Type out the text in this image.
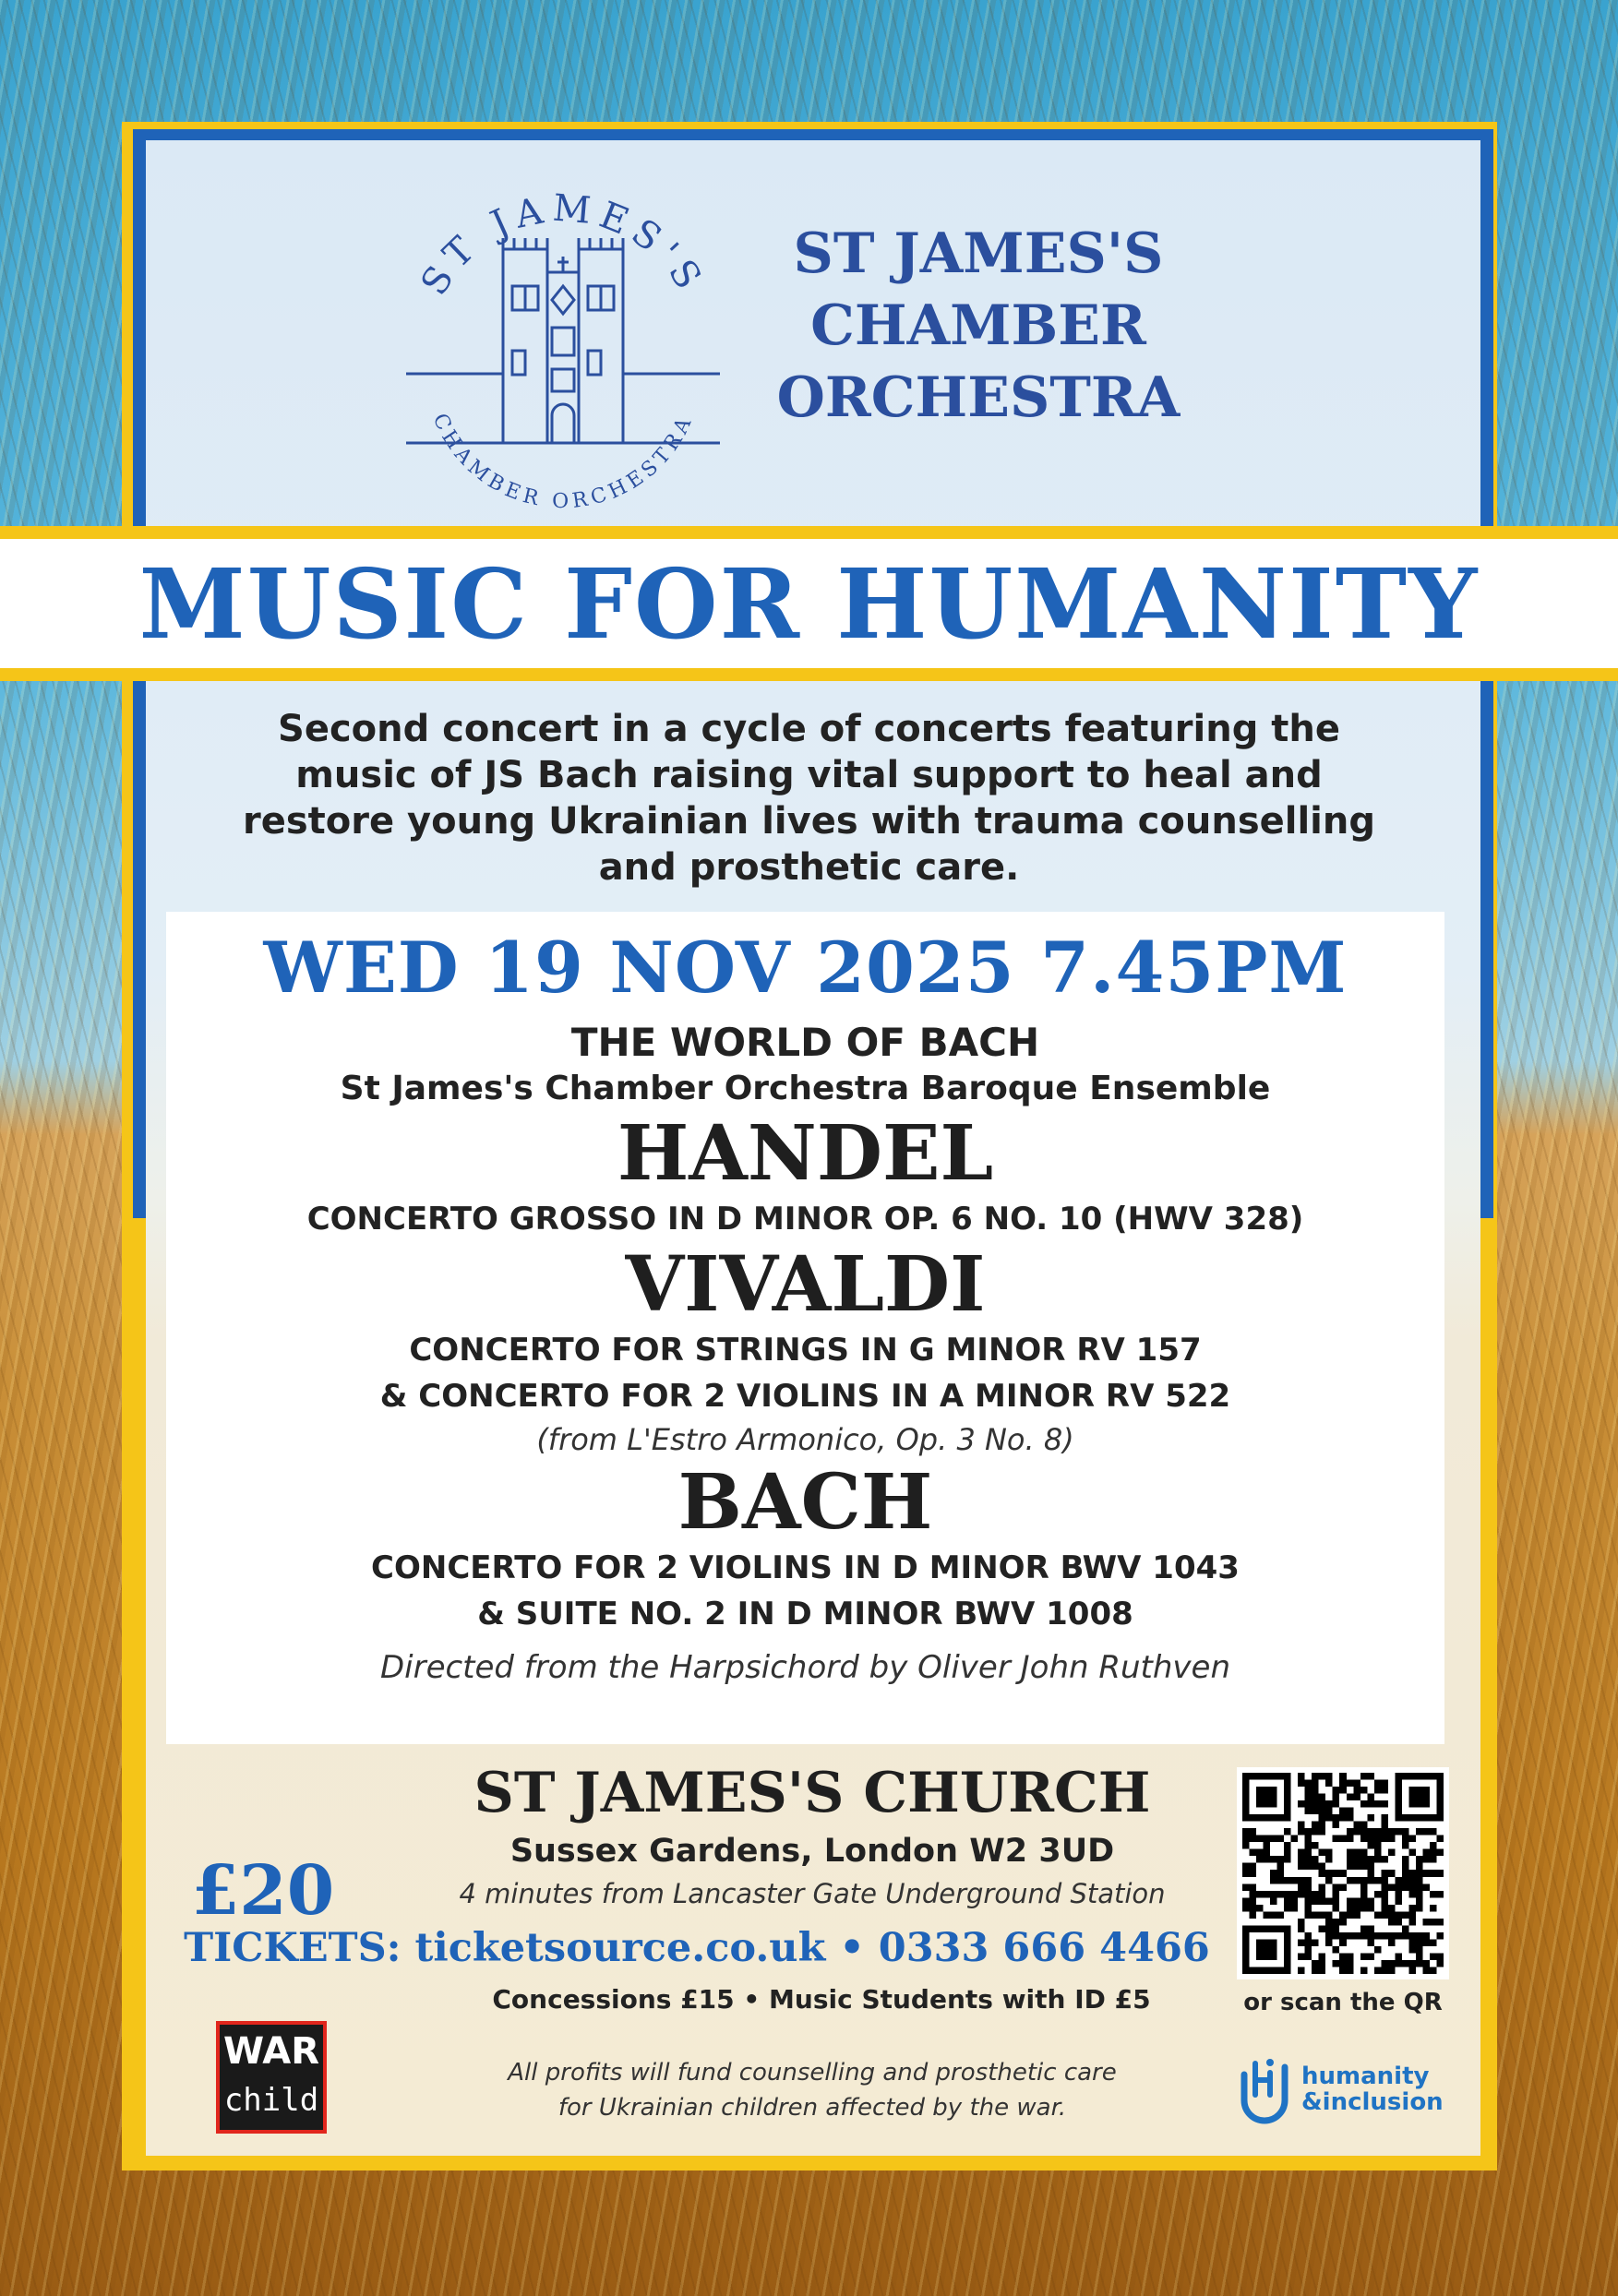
ST JAMES'S
CHAMBER ORCHESTRA
ST JAMES'S
CHAMBER
ORCHESTRA
MUSIC FOR HUMANITY
Second concert in a cycle of concerts featuring the
music of JS Bach raising vital support to heal and
restore young Ukrainian lives with trauma counselling
and prosthetic care.
WED 19 NOV 2025 7.45PM
THE WORLD OF BACH
St James's Chamber Orchestra Baroque Ensemble
HANDEL
CONCERTO GROSSO IN D MINOR OP. 6 NO. 10 (HWV 328)
VIVALDI
CONCERTO FOR STRINGS IN G MINOR RV 157
& CONCERTO FOR 2 VIOLINS IN A MINOR RV 522
(from L'Estro Armonico, Op. 3 No. 8)
BACH
CONCERTO FOR 2 VIOLINS IN D MINOR BWV 1043
& SUITE NO. 2 IN D MINOR BWV 1008
Directed from the Harpsichord by Oliver John Ruthven
ST JAMES'S CHURCH
Sussex Gardens, London W2 3UD
4 minutes from Lancaster Gate Underground Station
£20
TICKETS: ticketsource.co.uk • 0333 666 4466
Concessions £15 • Music Students with ID £5	or scan the QR
All profits will fund counselling and prosthetic care
for Ukrainian children affected by the war.
WAR
child
humanity
&inclusion
